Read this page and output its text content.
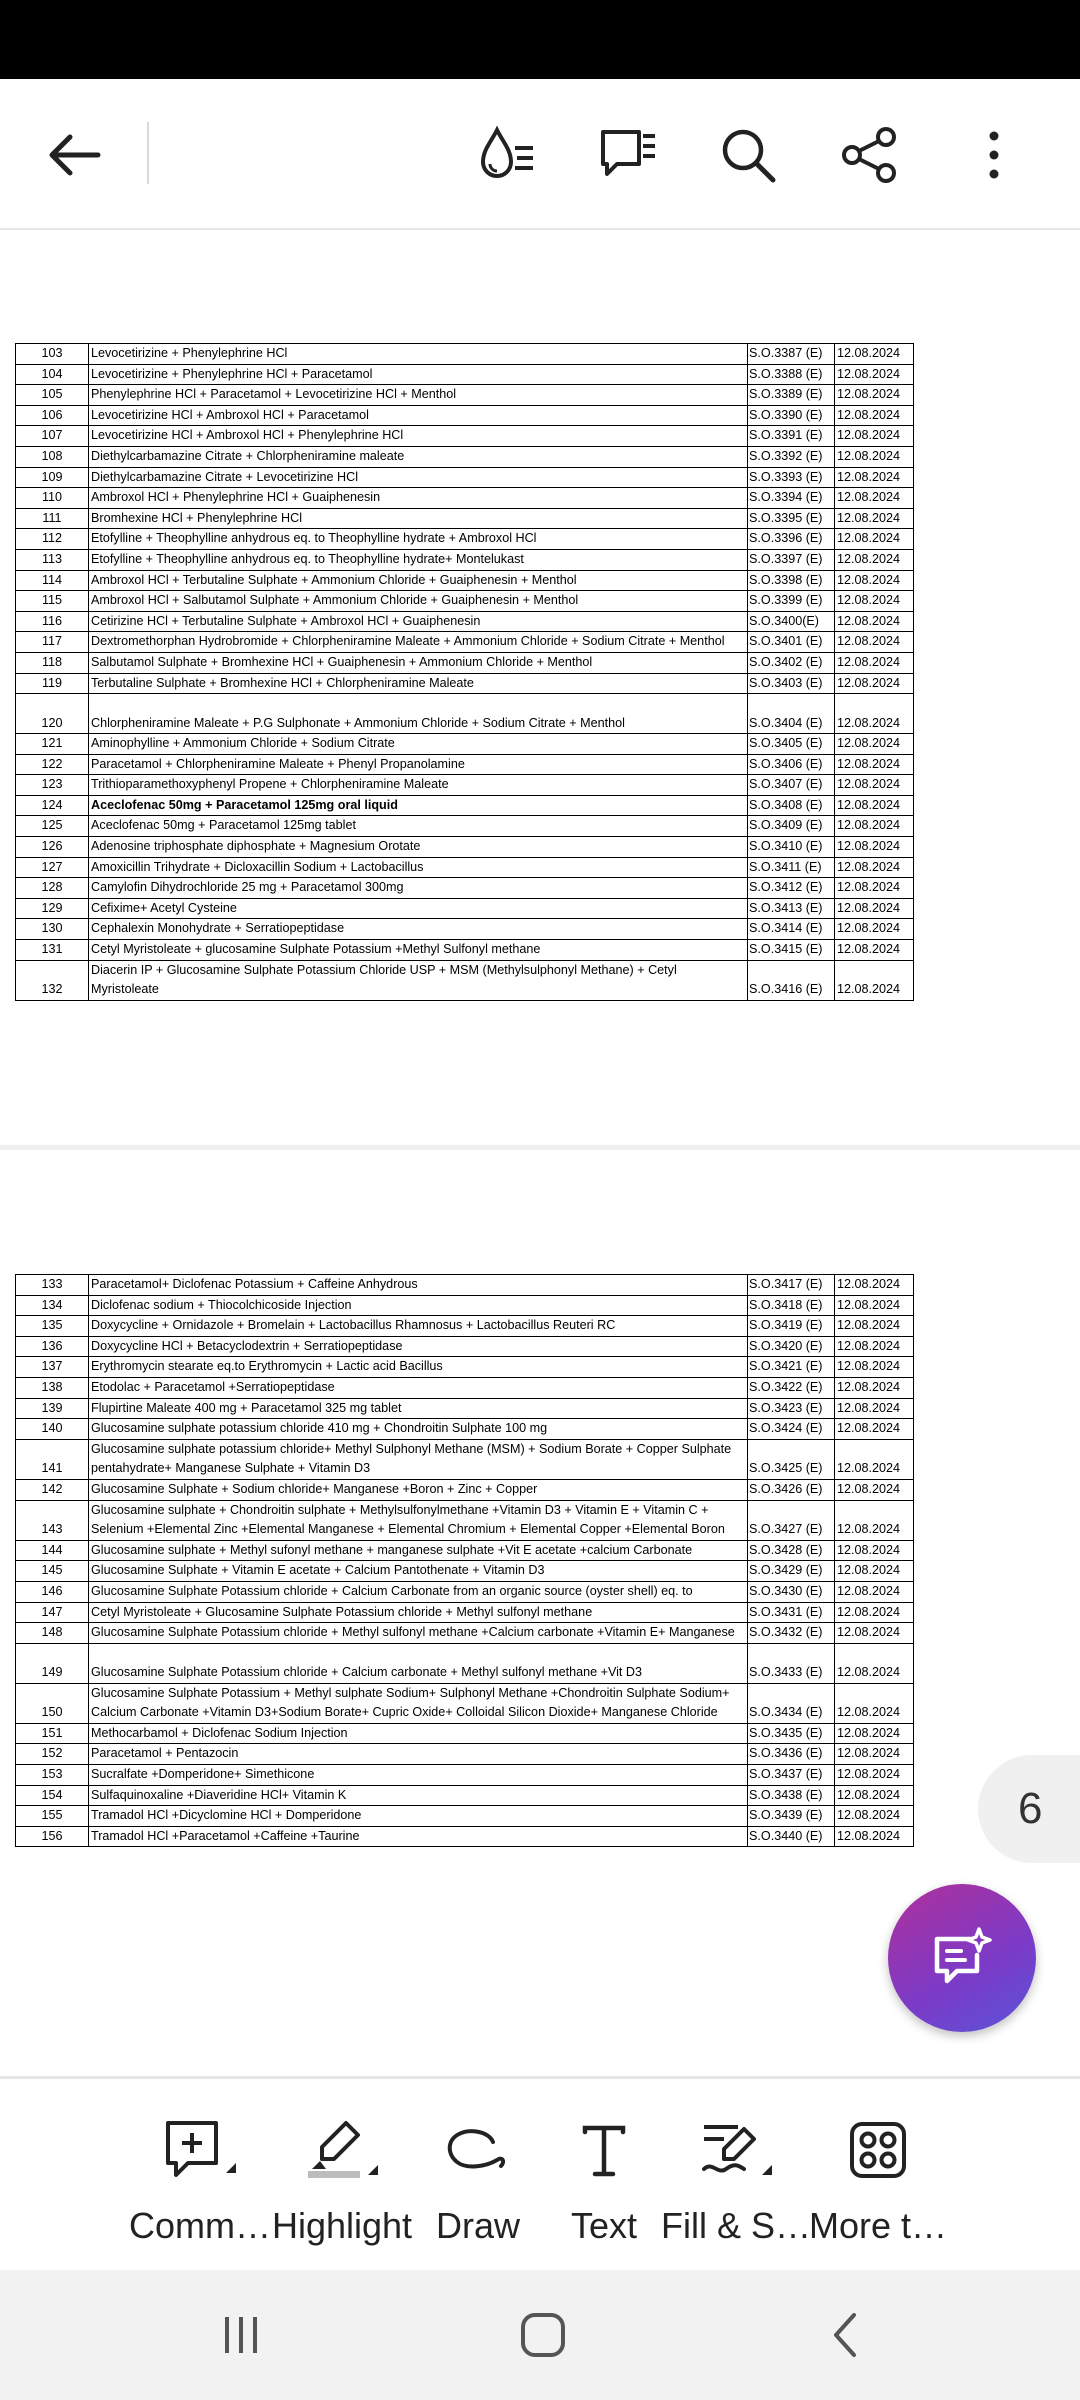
103	Levocetirizine + Phenylephrine HCl	S.O.3387 (E)	12.08.2024
104	Levocetirizine + Phenylephrine HCl + Paracetamol	S.O.3388 (E)	12.08.2024
105	Phenylephrine HCl + Paracetamol + Levocetirizine HCl + Menthol	S.O.3389 (E)	12.08.2024
106	Levocetirizine HCl + Ambroxol HCl + Paracetamol	S.O.3390 (E)	12.08.2024
107	Levocetirizine HCl + Ambroxol HCl + Phenylephrine HCl	S.O.3391 (E)	12.08.2024
108	Diethylcarbamazine Citrate + Chlorpheniramine maleate	S.O.3392 (E)	12.08.2024
109	Diethylcarbamazine Citrate + Levocetirizine HCl	S.O.3393 (E)	12.08.2024
110	Ambroxol HCl + Phenylephrine HCl + Guaiphenesin	S.O.3394 (E)	12.08.2024
111	Bromhexine HCl + Phenylephrine HCl	S.O.3395 (E)	12.08.2024
112	Etofylline + Theophylline anhydrous eq. to Theophylline hydrate + Ambroxol HCl	S.O.3396 (E)	12.08.2024
113	Etofylline + Theophylline anhydrous eq. to Theophylline hydrate+ Montelukast	S.O.3397 (E)	12.08.2024
114	Ambroxol HCl + Terbutaline Sulphate + Ammonium Chloride + Guaiphenesin + Menthol	S.O.3398 (E)	12.08.2024
115	Ambroxol HCl + Salbutamol Sulphate + Ammonium Chloride + Guaiphenesin + Menthol	S.O.3399 (E)	12.08.2024
116	Cetirizine HCl + Terbutaline Sulphate + Ambroxol HCl + Guaiphenesin	S.O.3400(E)	12.08.2024
117	Dextromethorphan Hydrobromide + Chlorpheniramine Maleate + Ammonium Chloride + Sodium Citrate + Menthol	S.O.3401 (E)	12.08.2024
118	Salbutamol Sulphate + Bromhexine HCl + Guaiphenesin + Ammonium Chloride + Menthol	S.O.3402 (E)	12.08.2024
119	Terbutaline Sulphate + Bromhexine HCl + Chlorpheniramine Maleate	S.O.3403 (E)	12.08.2024
120	Chlorpheniramine Maleate + P.G Sulphonate + Ammonium Chloride + Sodium Citrate + Menthol	S.O.3404 (E)	12.08.2024
121	Aminophylline + Ammonium Chloride + Sodium Citrate	S.O.3405 (E)	12.08.2024
122	Paracetamol + Chlorpheniramine Maleate + Phenyl Propanolamine	S.O.3406 (E)	12.08.2024
123	Trithioparamethoxyphenyl Propene + Chlorpheniramine Maleate	S.O.3407 (E)	12.08.2024
124	Aceclofenac 50mg + Paracetamol 125mg oral liquid	S.O.3408 (E)	12.08.2024
125	Aceclofenac 50mg + Paracetamol 125mg tablet	S.O.3409 (E)	12.08.2024
126	Adenosine triphosphate diphosphate + Magnesium Orotate	S.O.3410 (E)	12.08.2024
127	Amoxicillin Trihydrate + Dicloxacillin Sodium + Lactobacillus	S.O.3411 (E)	12.08.2024
128	Camylofin Dihydrochloride 25 mg + Paracetamol 300mg	S.O.3412 (E)	12.08.2024
129	Cefixime+ Acetyl Cysteine	S.O.3413 (E)	12.08.2024
130	Cephalexin Monohydrate + Serratiopeptidase	S.O.3414 (E)	12.08.2024
131	Cetyl Myristoleate + glucosamine Sulphate Potassium +Methyl Sulfonyl methane	S.O.3415 (E)	12.08.2024
132	Diacerin IP + Glucosamine Sulphate Potassium Chloride USP + MSM (Methylsulphonyl Methane) + Cetyl Myristoleate	S.O.3416 (E)	12.08.2024
133	Paracetamol+ Diclofenac Potassium + Caffeine Anhydrous	S.O.3417 (E)	12.08.2024
134	Diclofenac sodium + Thiocolchicoside Injection	S.O.3418 (E)	12.08.2024
135	Doxycycline + Ornidazole + Bromelain + Lactobacillus Rhamnosus + Lactobacillus Reuteri RC	S.O.3419 (E)	12.08.2024
136	Doxycycline HCl + Betacyclodextrin + Serratiopeptidase	S.O.3420 (E)	12.08.2024
137	Erythromycin stearate eq.to Erythromycin + Lactic acid Bacillus	S.O.3421 (E)	12.08.2024
138	Etodolac + Paracetamol +Serratiopeptidase	S.O.3422 (E)	12.08.2024
139	Flupirtine Maleate 400 mg + Paracetamol 325 mg tablet	S.O.3423 (E)	12.08.2024
140	Glucosamine sulphate potassium chloride 410 mg + Chondroitin Sulphate 100 mg	S.O.3424 (E)	12.08.2024
141	Glucosamine sulphate potassium chloride+ Methyl Sulphonyl Methane (MSM) + Sodium Borate + Copper Sulphate pentahydrate+ Manganese Sulphate + Vitamin D3	S.O.3425 (E)	12.08.2024
142	Glucosamine Sulphate + Sodium chloride+ Manganese +Boron + Zinc + Copper	S.O.3426 (E)	12.08.2024
143	Glucosamine sulphate + Chondroitin sulphate + Methylsulfonylmethane +Vitamin D3 + Vitamin E + Vitamin C + Selenium +Elemental Zinc +Elemental Manganese + Elemental Chromium + Elemental Copper +Elemental Boron	S.O.3427 (E)	12.08.2024
144	Glucosamine sulphate + Methyl sufonyl methane + manganese sulphate +Vit E acetate +calcium Carbonate	S.O.3428 (E)	12.08.2024
145	Glucosamine Sulphate + Vitamin E acetate + Calcium Pantothenate + Vitamin D3	S.O.3429 (E)	12.08.2024
146	Glucosamine Sulphate Potassium chloride + Calcium Carbonate from an organic source (oyster shell) eq. to	S.O.3430 (E)	12.08.2024
147	Cetyl Myristoleate + Glucosamine Sulphate Potassium chloride + Methyl sulfonyl methane	S.O.3431 (E)	12.08.2024
148	Glucosamine Sulphate Potassium chloride + Methyl sulfonyl methane +Calcium carbonate +Vitamin E+ Manganese	S.O.3432 (E)	12.08.2024
149	Glucosamine Sulphate Potassium chloride + Calcium carbonate + Methyl sulfonyl methane +Vit D3	S.O.3433 (E)	12.08.2024
150	Glucosamine Sulphate Potassium + Methyl sulphate Sodium+ Sulphonyl Methane +Chondroitin Sulphate Sodium+ Calcium Carbonate +Vitamin D3+Sodium Borate+ Cupric Oxide+ Colloidal Silicon Dioxide+ Manganese Chloride	S.O.3434 (E)	12.08.2024
151	Methocarbamol + Diclofenac Sodium Injection	S.O.3435 (E)	12.08.2024
152	Paracetamol + Pentazocin	S.O.3436 (E)	12.08.2024
153	Sucralfate +Domperidone+ Simethicone	S.O.3437 (E)	12.08.2024
154	Sulfaquinoxaline +Diaveridine HCl+ Vitamin K	S.O.3438 (E)	12.08.2024
155	Tramadol HCl +Dicyclomine HCl + Domperidone	S.O.3439 (E)	12.08.2024
156	Tramadol HCl +Paracetamol +Caffeine +Taurine	S.O.3440 (E)	12.08.2024
6
Comm… Highlight Draw	Text Fill & S…
More t…
